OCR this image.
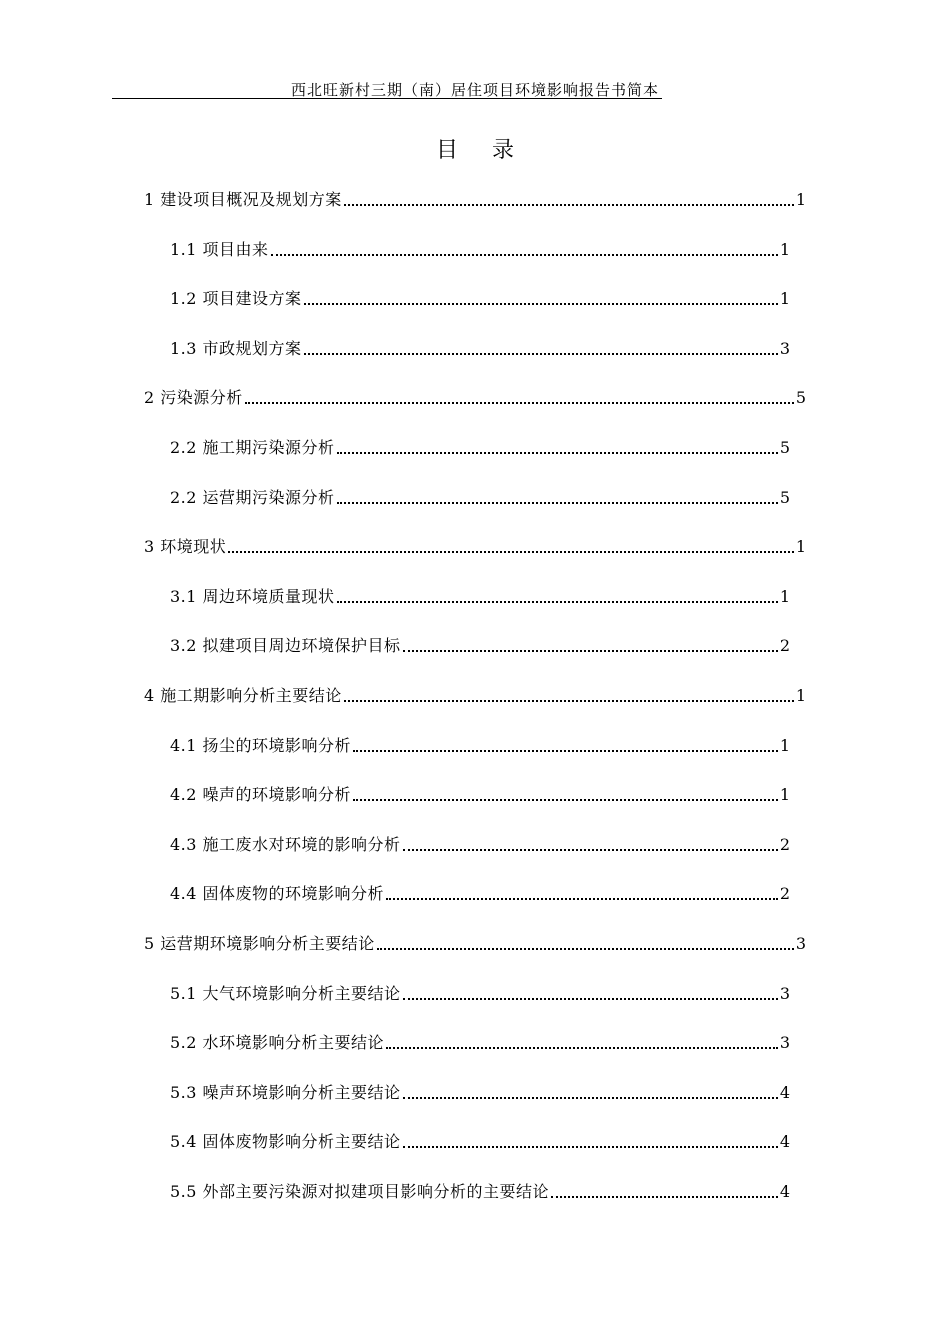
西北旺新村三期（南）居住项目环境影响报告书简本
目 录
1 建设项目概况及规划方案	1
1.1 项目由来	1
1.2 项目建设方案	1
1.3 市政规划方案	3
2 污染源分析	5
2.2 施工期污染源分析	5
2.2 运营期污染源分析	5
3 环境现状	1
3.1 周边环境质量现状	1
3.2 拟建项目周边环境保护目标	2
4 施工期影响分析主要结论	1
4.1 扬尘的环境影响分析	1
4.2 噪声的环境影响分析	1
4.3 施工废水对环境的影响分析	2
4.4 固体废物的环境影响分析	2
5 运营期环境影响分析主要结论	3
5.1 大气环境影响分析主要结论	3
5.2 水环境影响分析主要结论	3
5.3 噪声环境影响分析主要结论	4
5.4 固体废物影响分析主要结论	4
5.5 外部主要污染源对拟建项目影响分析的主要结论	4
